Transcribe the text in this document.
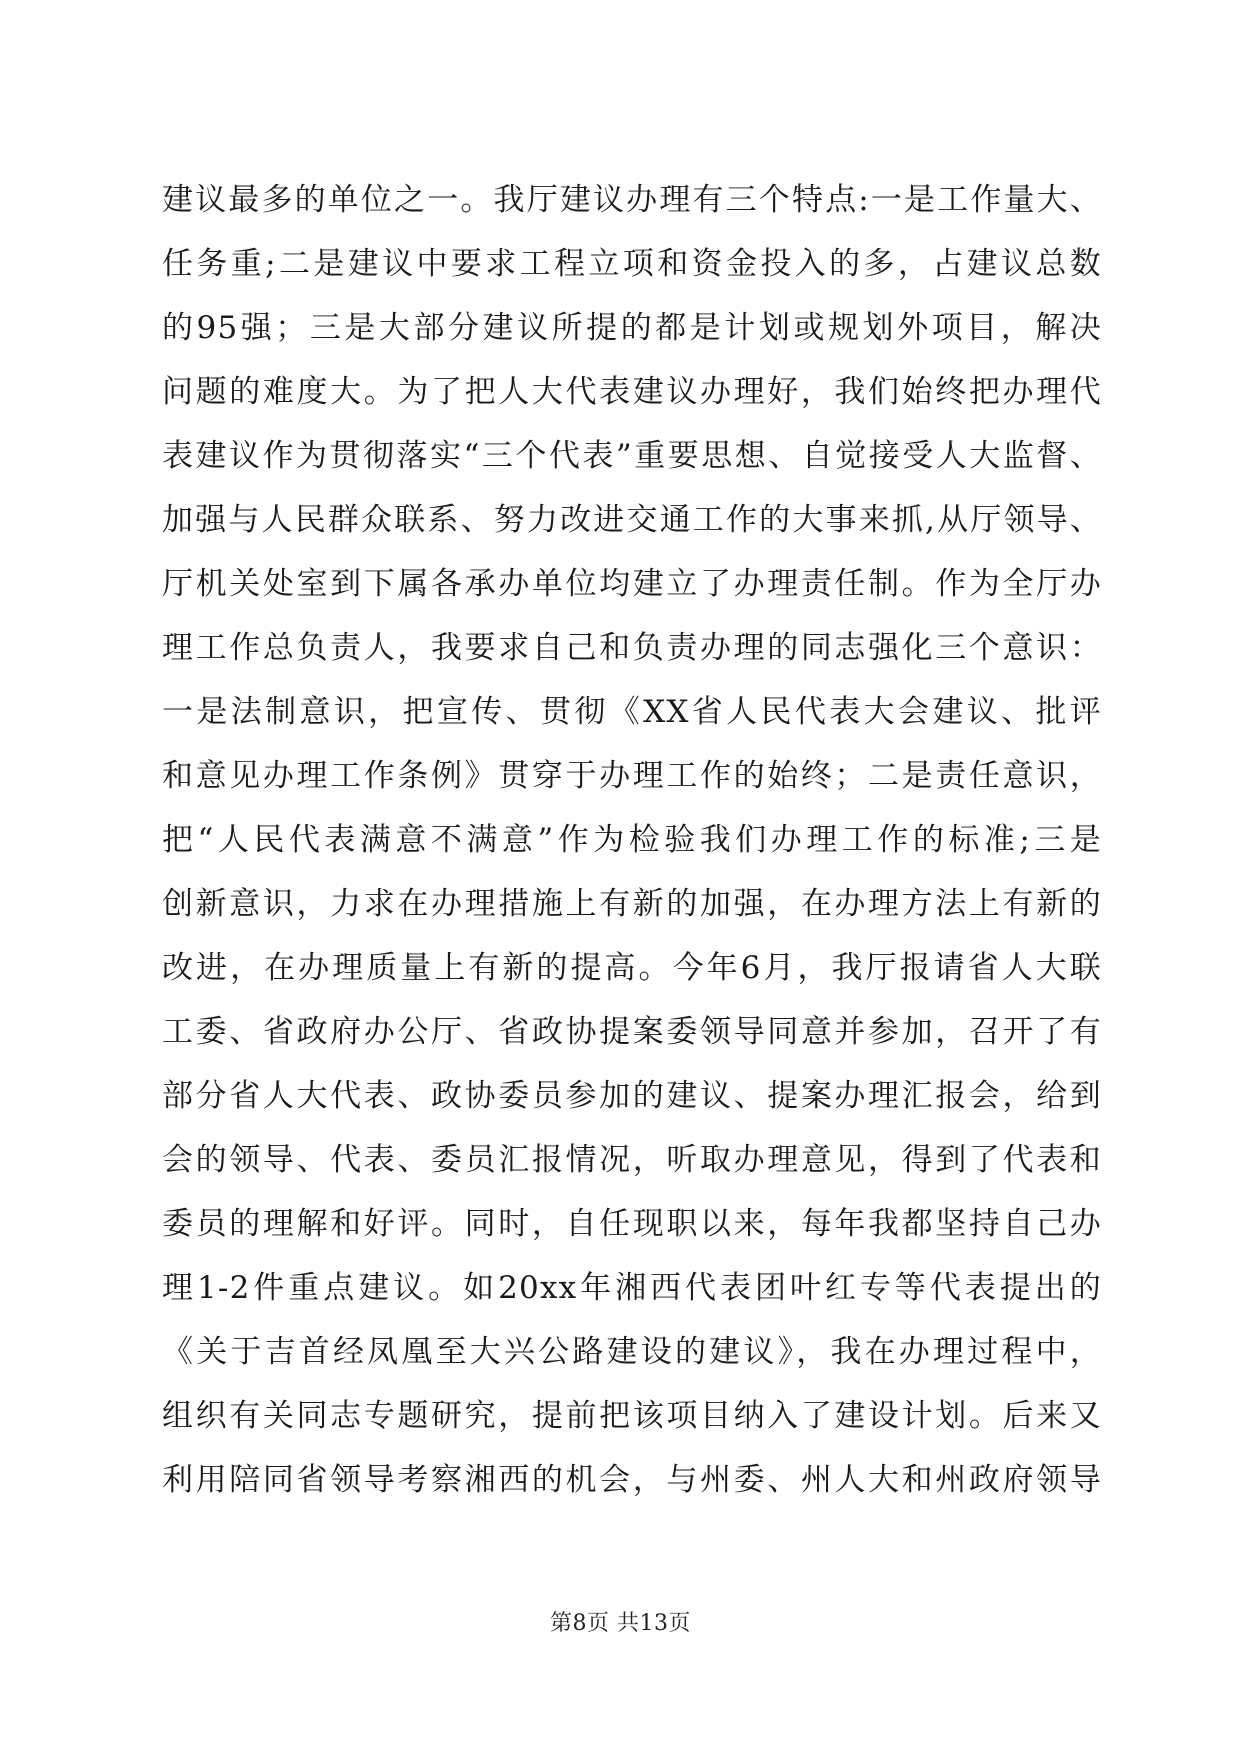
建议最多的单位之一。我厅建议办理有三个特点:一是工作量大、
任务重;二是建议中要求工程立项和资金投入的多，占建议总数
的95强；三是大部分建议所提的都是计划或规划外项目，解决
问题的难度大。为了把人大代表建议办理好，我们始终把办理代
表建议作为贯彻落实“三个代表”重要思想、自觉接受人大监督、
加强与人民群众联系、努力改进交通工作的大事来抓,从厅领导、
厅机关处室到下属各承办单位均建立了办理责任制。作为全厅办
理工作总负责人，我要求自己和负责办理的同志强化三个意识：
一是法制意识，把宣传、贯彻《XX省人民代表大会建议、批评
和意见办理工作条例》贯穿于办理工作的始终；二是责任意识，
把“人民代表满意不满意”作为检验我们办理工作的标准;三是
创新意识，力求在办理措施上有新的加强，在办理方法上有新的
改进，在办理质量上有新的提高。今年6月，我厅报请省人大联
工委、省政府办公厅、省政协提案委领导同意并参加，召开了有
部分省人大代表、政协委员参加的建议、提案办理汇报会，给到
会的领导、代表、委员汇报情况，听取办理意见，得到了代表和
委员的理解和好评。同时，自任现职以来，每年我都坚持自己办
理1-2件重点建议。如20xx年湘西代表团叶红专等代表提出的
《关于吉首经凤凰至大兴公路建设的建议》，我在办理过程中，
组织有关同志专题研究，提前把该项目纳入了建设计划。后来又
利用陪同省领导考察湘西的机会，与州委、州人大和州政府领导
第8页 共13页
